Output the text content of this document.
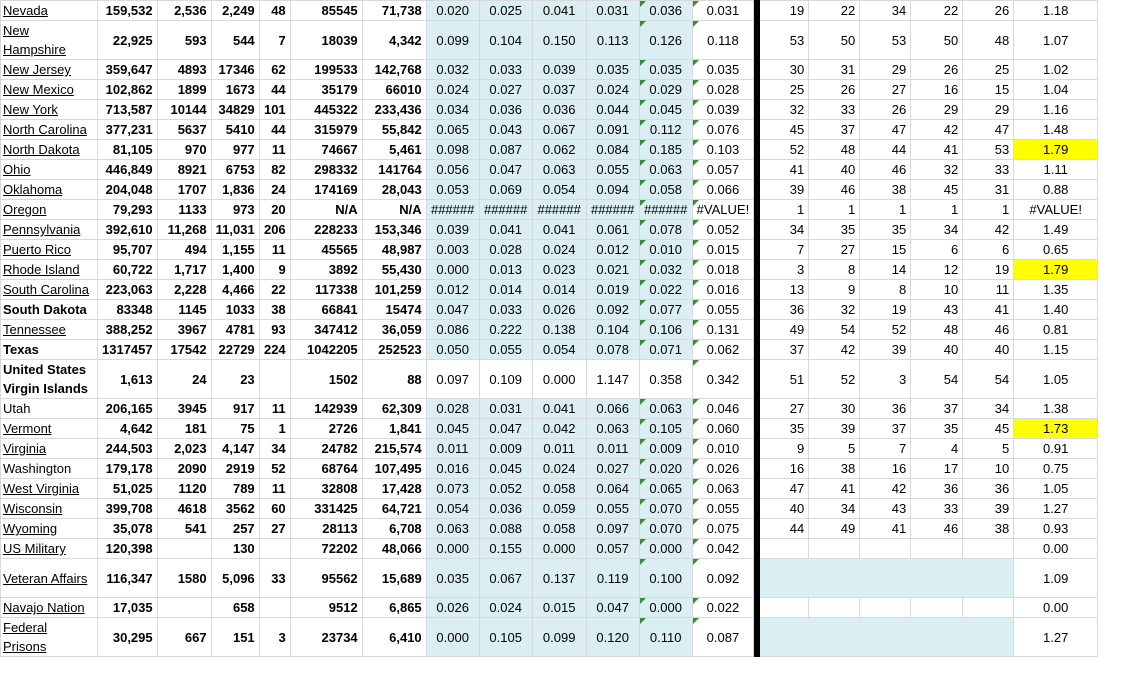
Nevada	159,532	2,536	2,249	48	85545	71,738	0.020	0.025	0.041	0.031	0.036	0.031		19	22	34	22	26	1.18
New Hampshire	22,925	593	544	7	18039	4,342	0.099	0.104	0.150	0.113	0.126	0.118		53	50	53	50	48	1.07
New Jersey	359,647	4893	17346	62	199533	142,768	0.032	0.033	0.039	0.035	0.035	0.035		30	31	29	26	25	1.02
New Mexico	102,862	1899	1673	44	35179	66010	0.024	0.027	0.037	0.024	0.029	0.028		25	26	27	16	15	1.04
New York	713,587	10144	34829	101	445322	233,436	0.034	0.036	0.036	0.044	0.045	0.039		32	33	26	29	29	1.16
North Carolina	377,231	5637	5410	44	315979	55,842	0.065	0.043	0.067	0.091	0.112	0.076		45	37	47	42	47	1.48
North Dakota	81,105	970	977	11	74667	5,461	0.098	0.087	0.062	0.084	0.185	0.103		52	48	44	41	53	1.79
Ohio	446,849	8921	6753	82	298332	141764	0.056	0.047	0.063	0.055	0.063	0.057		41	40	46	32	33	1.11
Oklahoma	204,048	1707	1,836	24	174169	28,043	0.053	0.069	0.054	0.094	0.058	0.066		39	46	38	45	31	0.88
Oregon	79,293	1133	973	20	N/A	N/A	######	######	######	######	######	#VALUE!		1	1	1	1	1	#VALUE!
Pennsylvania	392,610	11,268	11,031	206	228233	153,346	0.039	0.041	0.041	0.061	0.078	0.052		34	35	35	34	42	1.49
Puerto Rico	95,707	494	1,155	11	45565	48,987	0.003	0.028	0.024	0.012	0.010	0.015		7	27	15	6	6	0.65
Rhode Island	60,722	1,717	1,400	9	3892	55,430	0.000	0.013	0.023	0.021	0.032	0.018		3	8	14	12	19	1.79
South Carolina	223,063	2,228	4,466	22	117338	101,259	0.012	0.014	0.014	0.019	0.022	0.016		13	9	8	10	11	1.35
South Dakota	83348	1145	1033	38	66841	15474	0.047	0.033	0.026	0.092	0.077	0.055		36	32	19	43	41	1.40
Tennessee	388,252	3967	4781	93	347412	36,059	0.086	0.222	0.138	0.104	0.106	0.131		49	54	52	48	46	0.81
Texas	1317457	17542	22729	224	1042205	252523	0.050	0.055	0.054	0.078	0.071	0.062		37	42	39	40	40	1.15
United States Virgin Islands	1,613	24	23		1502	88	0.097	0.109	0.000	1.147	0.358	0.342		51	52	3	54	54	1.05
Utah	206,165	3945	917	11	142939	62,309	0.028	0.031	0.041	0.066	0.063	0.046		27	30	36	37	34	1.38
Vermont	4,642	181	75	1	2726	1,841	0.045	0.047	0.042	0.063	0.105	0.060		35	39	37	35	45	1.73
Virginia	244,503	2,023	4,147	34	24782	215,574	0.011	0.009	0.011	0.011	0.009	0.010		9	5	7	4	5	0.91
Washington	179,178	2090	2919	52	68764	107,495	0.016	0.045	0.024	0.027	0.020	0.026		16	38	16	17	10	0.75
West Virginia	51,025	1120	789	11	32808	17,428	0.073	0.052	0.058	0.064	0.065	0.063		47	41	42	36	36	1.05
Wisconsin	399,708	4618	3562	60	331425	64,721	0.054	0.036	0.059	0.055	0.070	0.055		40	34	43	33	39	1.27
Wyoming	35,078	541	257	27	28113	6,708	0.063	0.088	0.058	0.097	0.070	0.075		44	49	41	46	38	0.93
US Military	120,398		130		72202	48,066	0.000	0.155	0.000	0.057	0.000	0.042							0.00
Veteran Affairs	116,347	1580	5,096	33	95562	15,689	0.035	0.067	0.137	0.119	0.100	0.092							1.09
Navajo Nation	17,035		658		9512	6,865	0.026	0.024	0.015	0.047	0.000	0.022							0.00
Federal Prisons	30,295	667	151	3	23734	6,410	0.000	0.105	0.099	0.120	0.110	0.087							1.27
